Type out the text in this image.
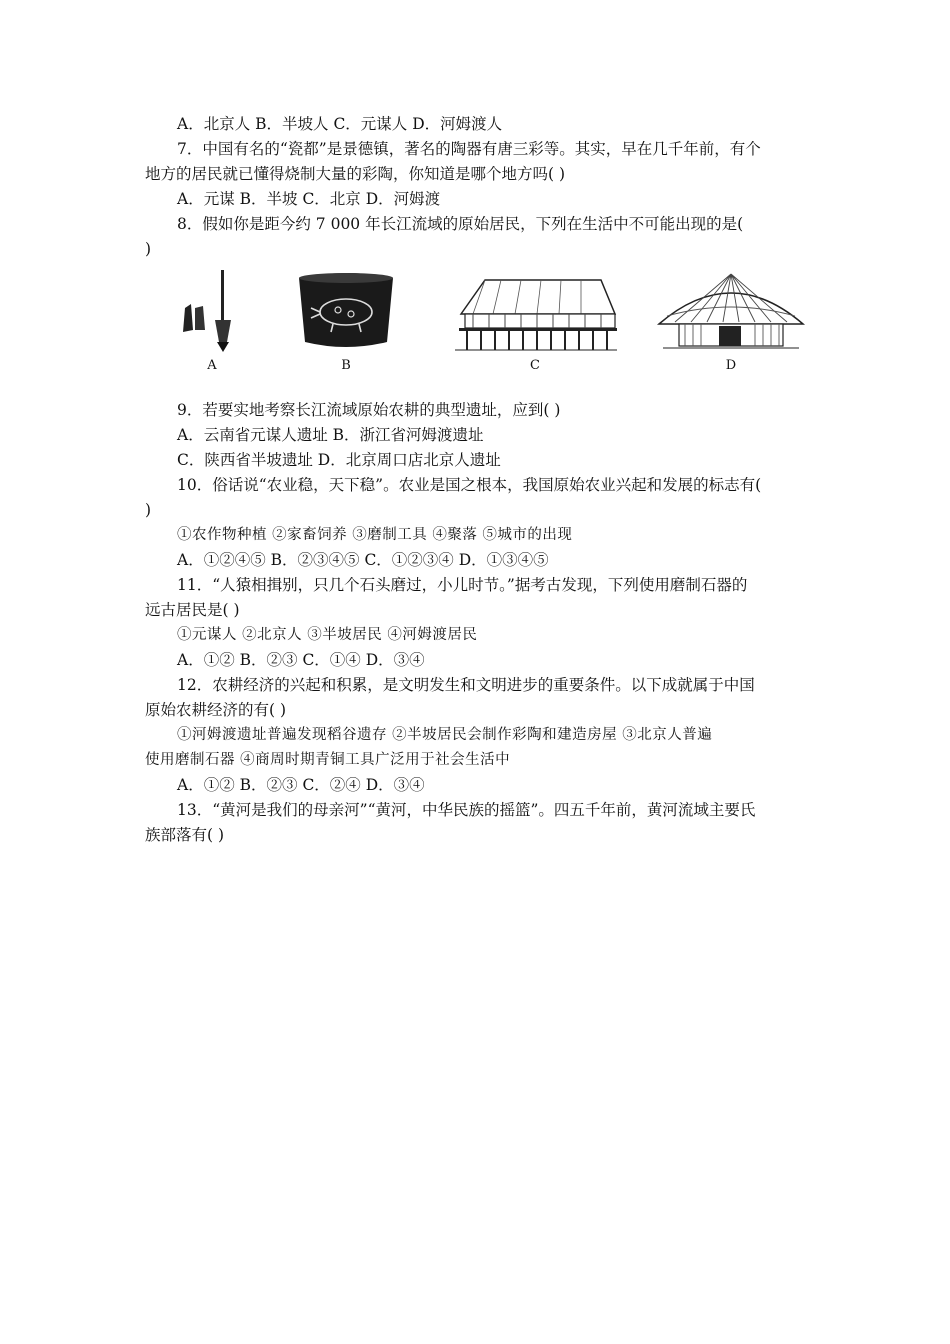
A．北京人 B．半坡人 C．元谋人 D．河姆渡人
7．中国有名的“瓷都”是景德镇，著名的陶器有唐三彩等。其实，早在几千年前，有个
地方的居民就已懂得烧制大量的彩陶，你知道是哪个地方吗( )
A．元谋 B．半坡 C．北京 D．河姆渡
8．假如你是距今约 7 000 年长江流域的原始居民，下列在生活中不可能出现的是(
)
A	B	C	D
9．若要实地考察长江流域原始农耕的典型遗址，应到( )
A．云南省元谋人遗址 B．浙江省河姆渡遗址
C．陕西省半坡遗址 D．北京周口店北京人遗址
10．俗话说“农业稳，天下稳”。农业是国之根本，我国原始农业兴起和发展的标志有(
)
①农作物种植 ②家畜饲养 ③磨制工具 ④聚落 ⑤城市的出现
A．①②④⑤ B．②③④⑤ C．①②③④ D．①③④⑤
11．“人猿相揖别，只几个石头磨过，小儿时节。”据考古发现，下列使用磨制石器的
远古居民是( )
①元谋人 ②北京人 ③半坡居民 ④河姆渡居民
A．①② B．②③ C．①④ D．③④
12．农耕经济的兴起和积累，是文明发生和文明进步的重要条件。以下成就属于中国
原始农耕经济的有( )
①河姆渡遗址普遍发现稻谷遗存 ②半坡居民会制作彩陶和建造房屋 ③北京人普遍
使用磨制石器 ④商周时期青铜工具广泛用于社会生活中
A．①② B．②③ C．②④ D．③④
13．“黄河是我们的母亲河”“黄河，中华民族的摇篮”。四五千年前，黄河流域主要氏
族部落有( )
